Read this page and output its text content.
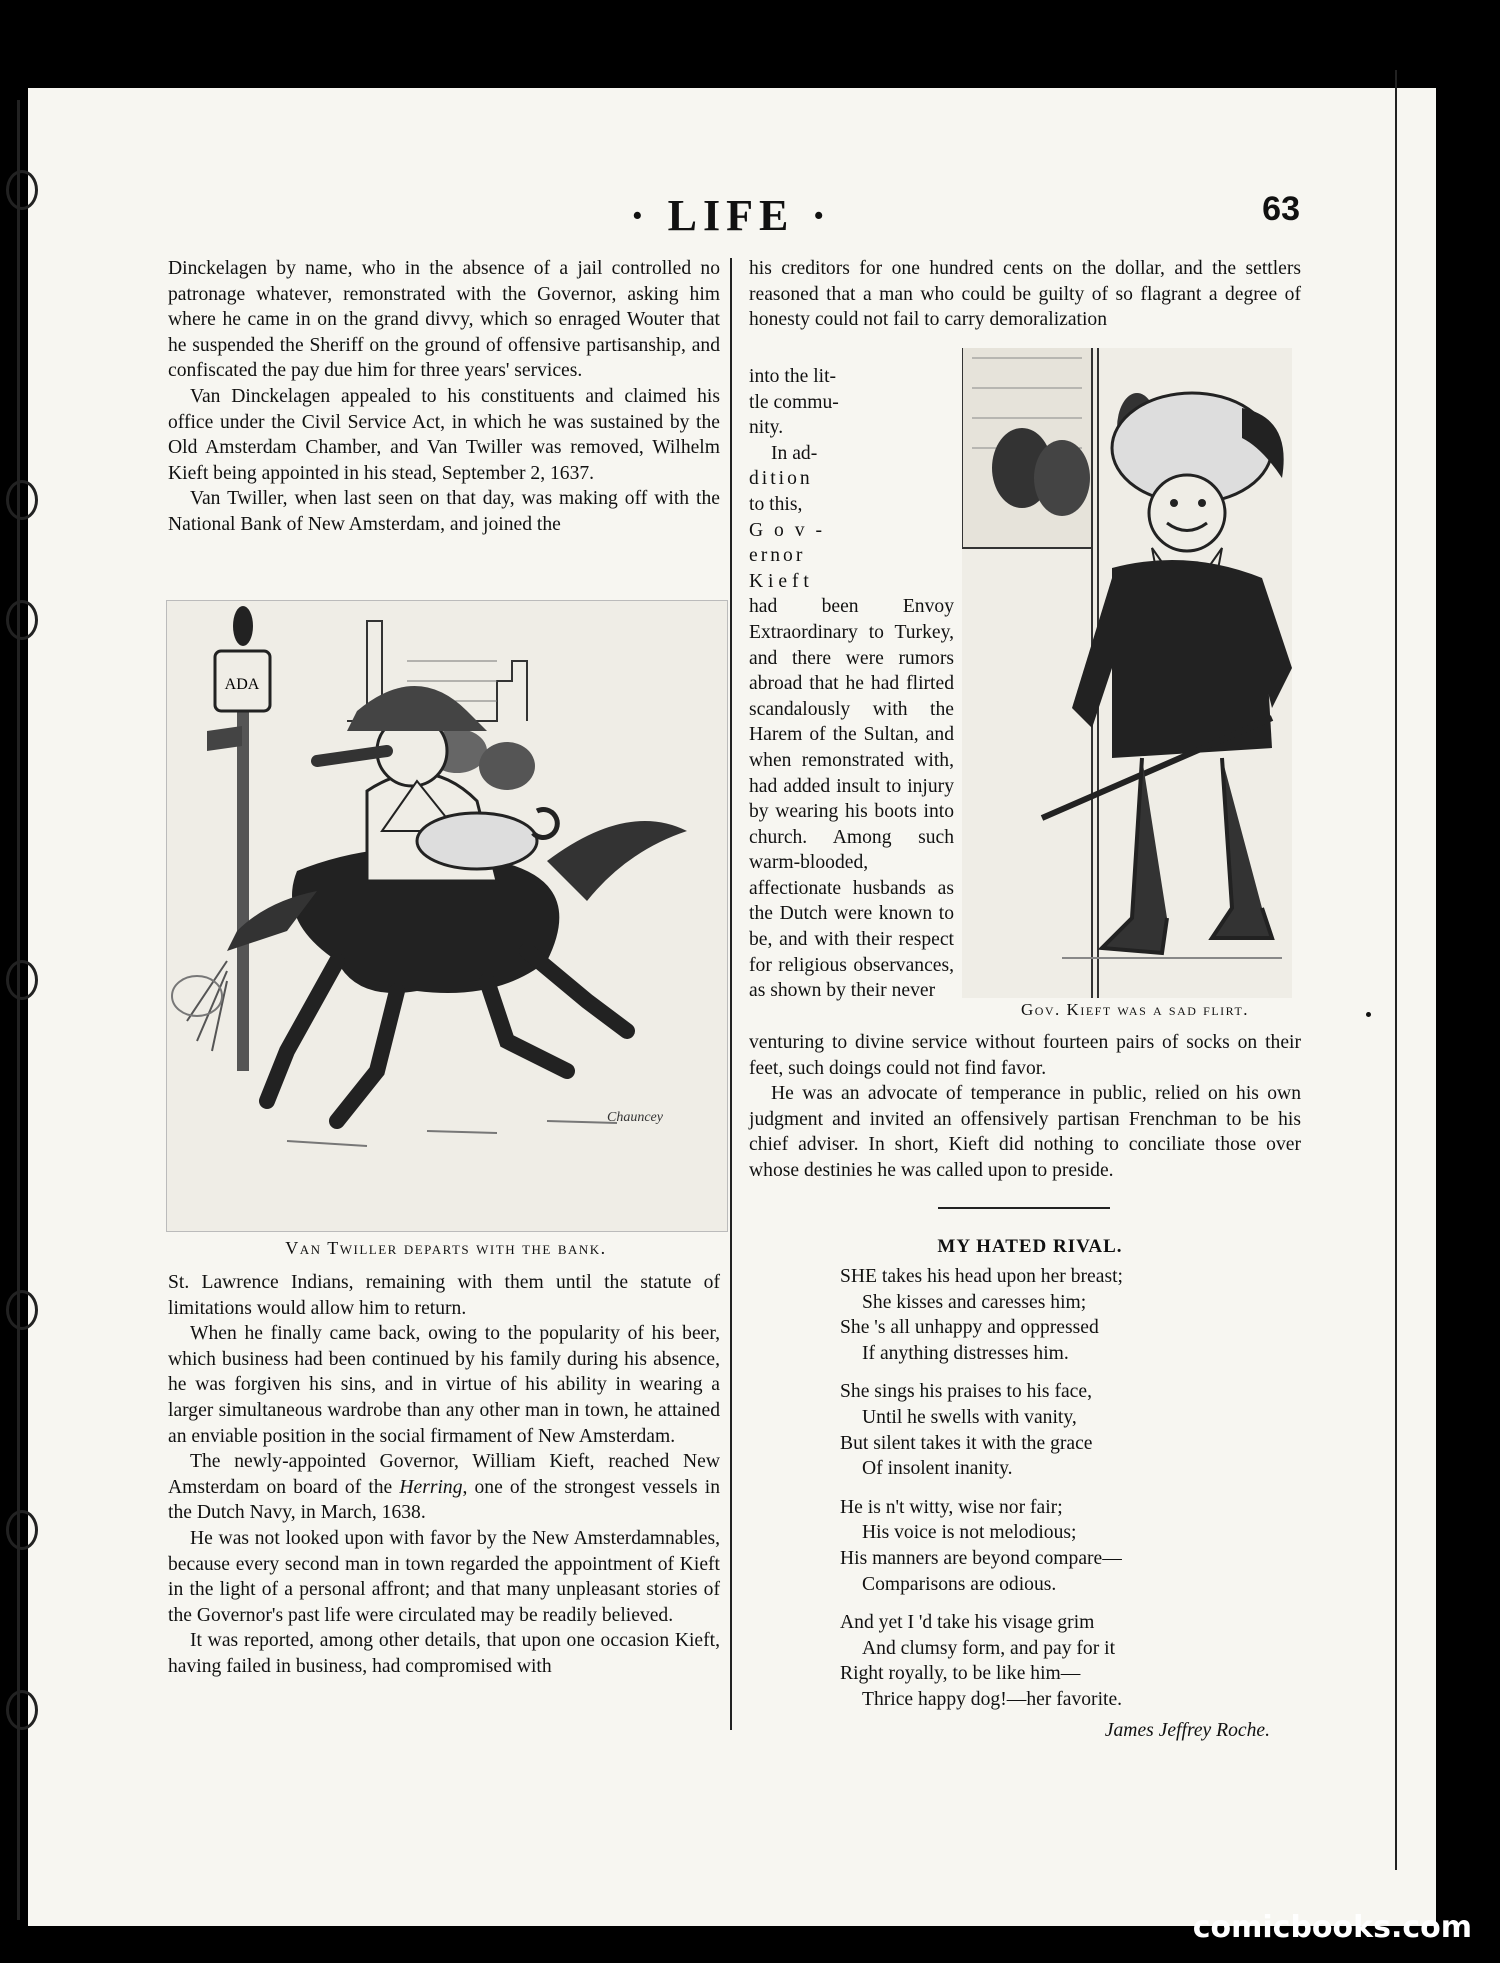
· LIFE ·	63

Dinckelagen by name, who in the absence of a jail controlled no patronage whatever, remonstrated with the Governor, asking him where he came in on the grand divvy, which so enraged Wouter that he suspended the Sheriff on the ground of offensive partisanship, and confiscated the pay due him for three years' services.

Van Dinckelagen appealed to his constituents and claimed his office under the Civil Service Act, in which he was sustained by the Old Amsterdam Chamber, and Van Twiller was removed, Wilhelm Kieft being appointed in his stead, September 2, 1637.

Van Twiller, when last seen on that day, was making off with the National Bank of New Amsterdam, and joined the

ADA
Chauncey
Van Twiller departs with the bank.

St. Lawrence Indians, remaining with them until the statute of limitations would allow him to return.

When he finally came back, owing to the popularity of his beer, which business had been continued by his family during his absence, he was forgiven his sins, and in virtue of his ability in wearing a larger simultaneous wardrobe than any other man in town, he attained an enviable position in the social firmament of New Amsterdam.

The newly-appointed Governor, William Kieft, reached New Amsterdam on board of the Herring, one of the strongest vessels in the Dutch Navy, in March, 1638.

He was not looked upon with favor by the New Amsterdamnables, because every second man in town regarded the appointment of Kieft in the light of a personal affront; and that many unpleasant stories of the Governor's past life were circulated may be readily believed.

It was reported, among other details, that upon one occasion Kieft, having failed in business, had compromised with

his creditors for one hundred cents on the dollar, and the settlers reasoned that a man who could be guilty of so flagrant a degree of honesty could not fail to carry demoralization

into the lit-

tle commu-

nity.

In ad-

dition

to this,

G o v -

ernor

K i e f t

had been Envoy Extraordinary to Turkey, and there were rumors abroad that he had flirted scandalously with the Harem of the Sultan, and when remonstrated with, had added insult to injury by wearing his boots into church. Among such warm-blooded, affectionate husbands as the Dutch were known to be, and with their respect for religious observances, as shown by their never

Gov. Kieft was a sad flirt.

venturing to divine service without fourteen pairs of socks on their feet, such doings could not find favor.

He was an advocate of temperance in public, relied on his own judgment and invited an offensively partisan Frenchman to be his chief adviser. In short, Kieft did nothing to conciliate those over whose destinies he was called upon to preside.

MY HATED RIVAL.
SHE takes his head upon her breast;
She kisses and caresses him;
She 's all unhappy and oppressed
If anything distresses him.
She sings his praises to his face,
Until he swells with vanity,
But silent takes it with the grace
Of insolent inanity.
He is n't witty, wise nor fair;
His voice is not melodious;
His manners are beyond compare—
Comparisons are odious.
And yet I 'd take his visage grim
And clumsy form, and pay for it
Right royally, to be like him—
Thrice happy dog!—her favorite.
James Jeffrey Roche.
comicbooks.com
